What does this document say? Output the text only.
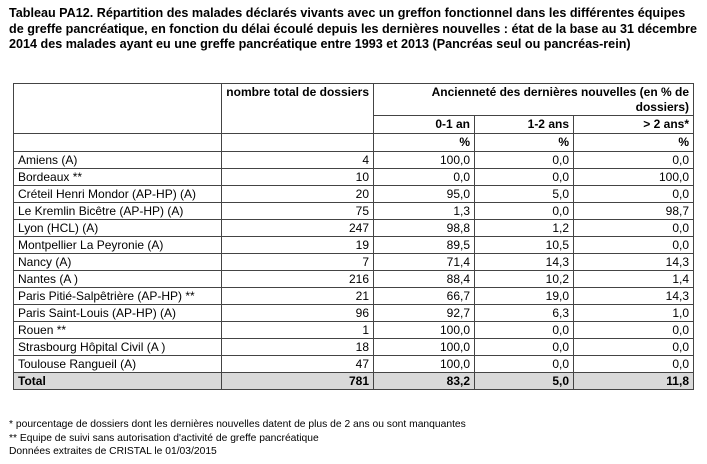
Tableau PA12. Répartition des malades déclarés vivants avec un greffon fonctionnel dans les différentes équipes de greffe pancréatique, en fonction du délai écoulé depuis les dernières nouvelles : état de la base au 31 décembre 2014 des malades ayant eu une greffe pancréatique entre 1993 et 2013 (Pancréas seul ou pancréas-rein)
	nombre total de dossiers	Ancienneté des dernières nouvelles (en % de dossiers)		
		0-1 an	1-2 ans	> 2 ans*
		%	%	%
Amiens (A)	4	100,0	0,0	0,0
Bordeaux **	10	0,0	0,0	100,0
Créteil Henri Mondor (AP-HP) (A)	20	95,0	5,0	0,0
Le Kremlin Bicêtre (AP-HP) (A)	75	1,3	0,0	98,7
Lyon (HCL) (A)	247	98,8	1,2	0,0
Montpellier La Peyronie (A)	19	89,5	10,5	0,0
Nancy (A)	7	71,4	14,3	14,3
Nantes (A )	216	88,4	10,2	1,4
Paris Pitié-Salpêtrière (AP-HP) **	21	66,7	19,0	14,3
Paris Saint-Louis (AP-HP) (A)	96	92,7	6,3	1,0
Rouen **	1	100,0	0,0	0,0
Strasbourg Hôpital Civil (A )	18	100,0	0,0	0,0
Toulouse Rangueil (A)	47	100,0	0,0	0,0
Total	781	83,2	5,0	11,8
* pourcentage de dossiers dont les dernières nouvelles datent de plus de 2 ans ou sont manquantes
** Equipe de suivi sans autorisation d'activité de greffe pancréatique
Données extraites de CRISTAL le 01/03/2015
